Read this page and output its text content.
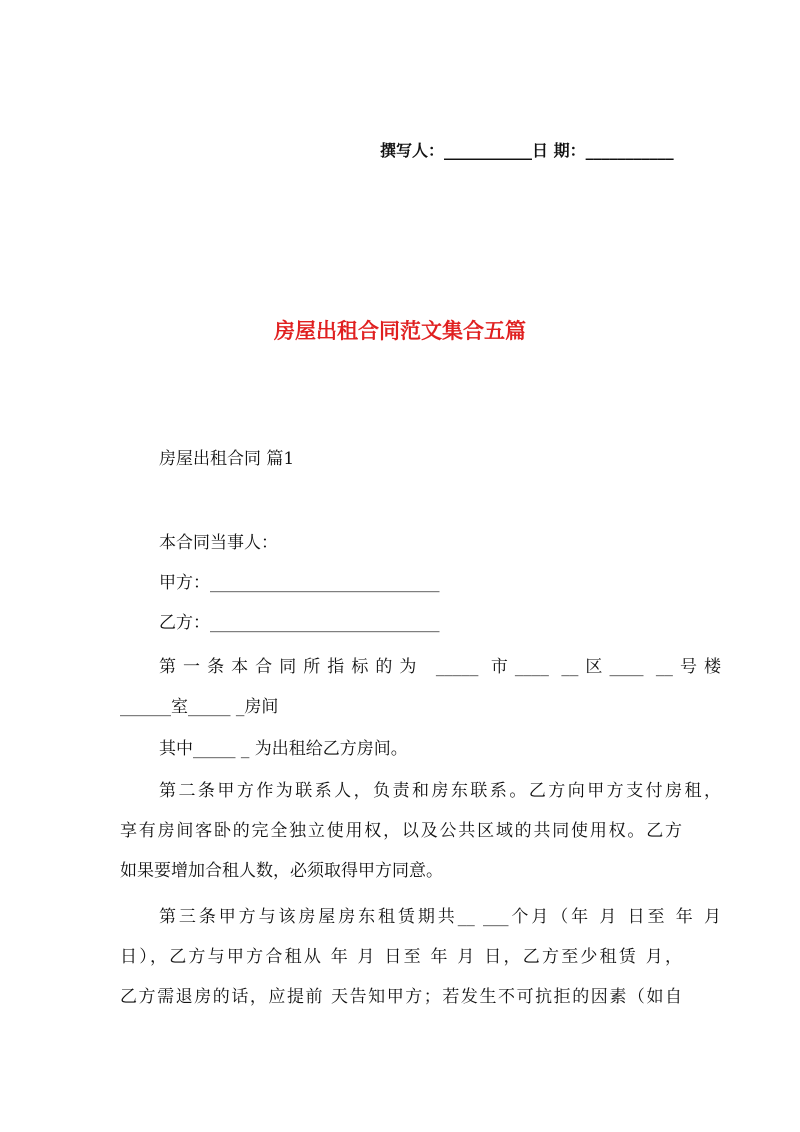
撰写人：___________日 期：___________
房屋出租合同范文集合五篇
房屋出租合同 篇1
本合同当事人：
甲方：___________________________
乙方：___________________________
第一条本合同所指标的为 _____ 市____ __区____ __号楼
______室_____ _房间
其中_____ _ 为出租给乙方房间。
第二条甲方作为联系人，负责和房东联系。乙方向甲方支付房租，
享有房间客卧的完全独立使用权，以及公共区域的共同使用权。乙方
如果要增加合租人数，必须取得甲方同意。
第三条甲方与该房屋房东租赁期共__ ___个月（年 月 日至 年 月
日），乙方与甲方合租从 年 月 日至 年 月 日，乙方至少租赁 月，
乙方需退房的话，应提前 天告知甲方；若发生不可抗拒的因素（如自
